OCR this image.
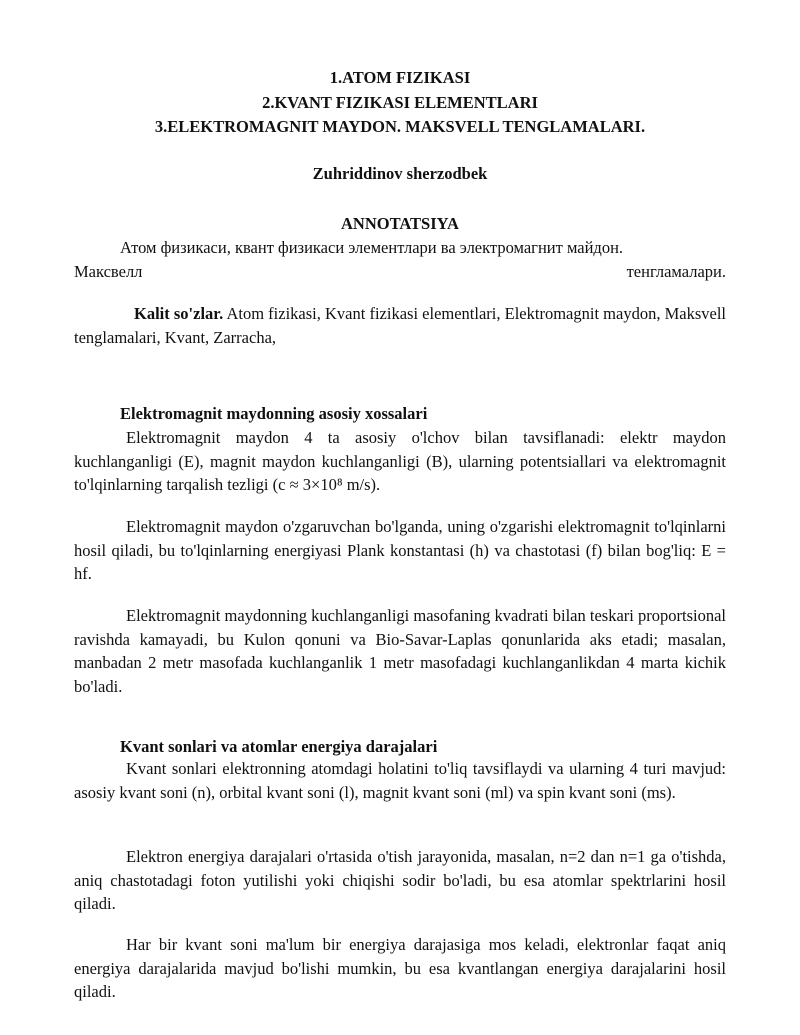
1.ATOM FIZIKASI
2.KVANT FIZIKASI ELEMENTLARI
3.ELEKTROMAGNIT MAYDON. MAKSVELL TENGLAMALARI.
Zuhriddinov sherzodbek
ANNOTATSIYA
Атом физикаси, квант физикаси элементлари ва электромагнит майдон.
Максвелл	тенгламалари.
Kalit so'zlar. Atom fizikasi, Kvant fizikasi elementlari, Elektromagnit maydon, Maksvell tenglamalari, Kvant, Zarracha,
Elektromagnit maydonning asosiy xossalari
Elektromagnit maydon 4 ta asosiy o'lchov bilan tavsiflanadi: elektr maydon kuchlanganligi (E), magnit maydon kuchlanganligi (B), ularning potentsiallari va elektromagnit to'lqinlarning tarqalish tezligi (c ≈ 3×10⁸ m/s).
Elektromagnit maydon o'zgaruvchan bo'lganda, uning o'zgarishi elektromagnit to'lqinlarni hosil qiladi, bu to'lqinlarning energiyasi Plank konstantasi (h) va chastotasi (f) bilan bog'liq: E = hf.
Elektromagnit maydonning kuchlanganligi masofaning kvadrati bilan teskari proportsional ravishda kamayadi, bu Kulon qonuni va Bio-Savar-Laplas qonunlarida aks etadi; masalan, manbadan 2 metr masofada kuchlanganlik 1 metr masofadagi kuchlanganlikdan 4 marta kichik bo'ladi.
Kvant sonlari va atomlar energiya darajalari
Kvant sonlari elektronning atomdagi holatini to'liq tavsiflaydi va ularning 4 turi mavjud: asosiy kvant soni (n), orbital kvant soni (l), magnit kvant soni (ml) va spin kvant soni (ms).
Elektron energiya darajalari o'rtasida o'tish jarayonida, masalan, n=2 dan n=1 ga o'tishda, aniq chastotadagi foton yutilishi yoki chiqishi sodir bo'ladi, bu esa atomlar spektrlarini hosil qiladi.
Har bir kvant soni ma'lum bir energiya darajasiga mos keladi, elektronlar faqat aniq energiya darajalarida mavjud bo'lishi mumkin, bu esa kvantlangan energiya darajalarini hosil qiladi.
